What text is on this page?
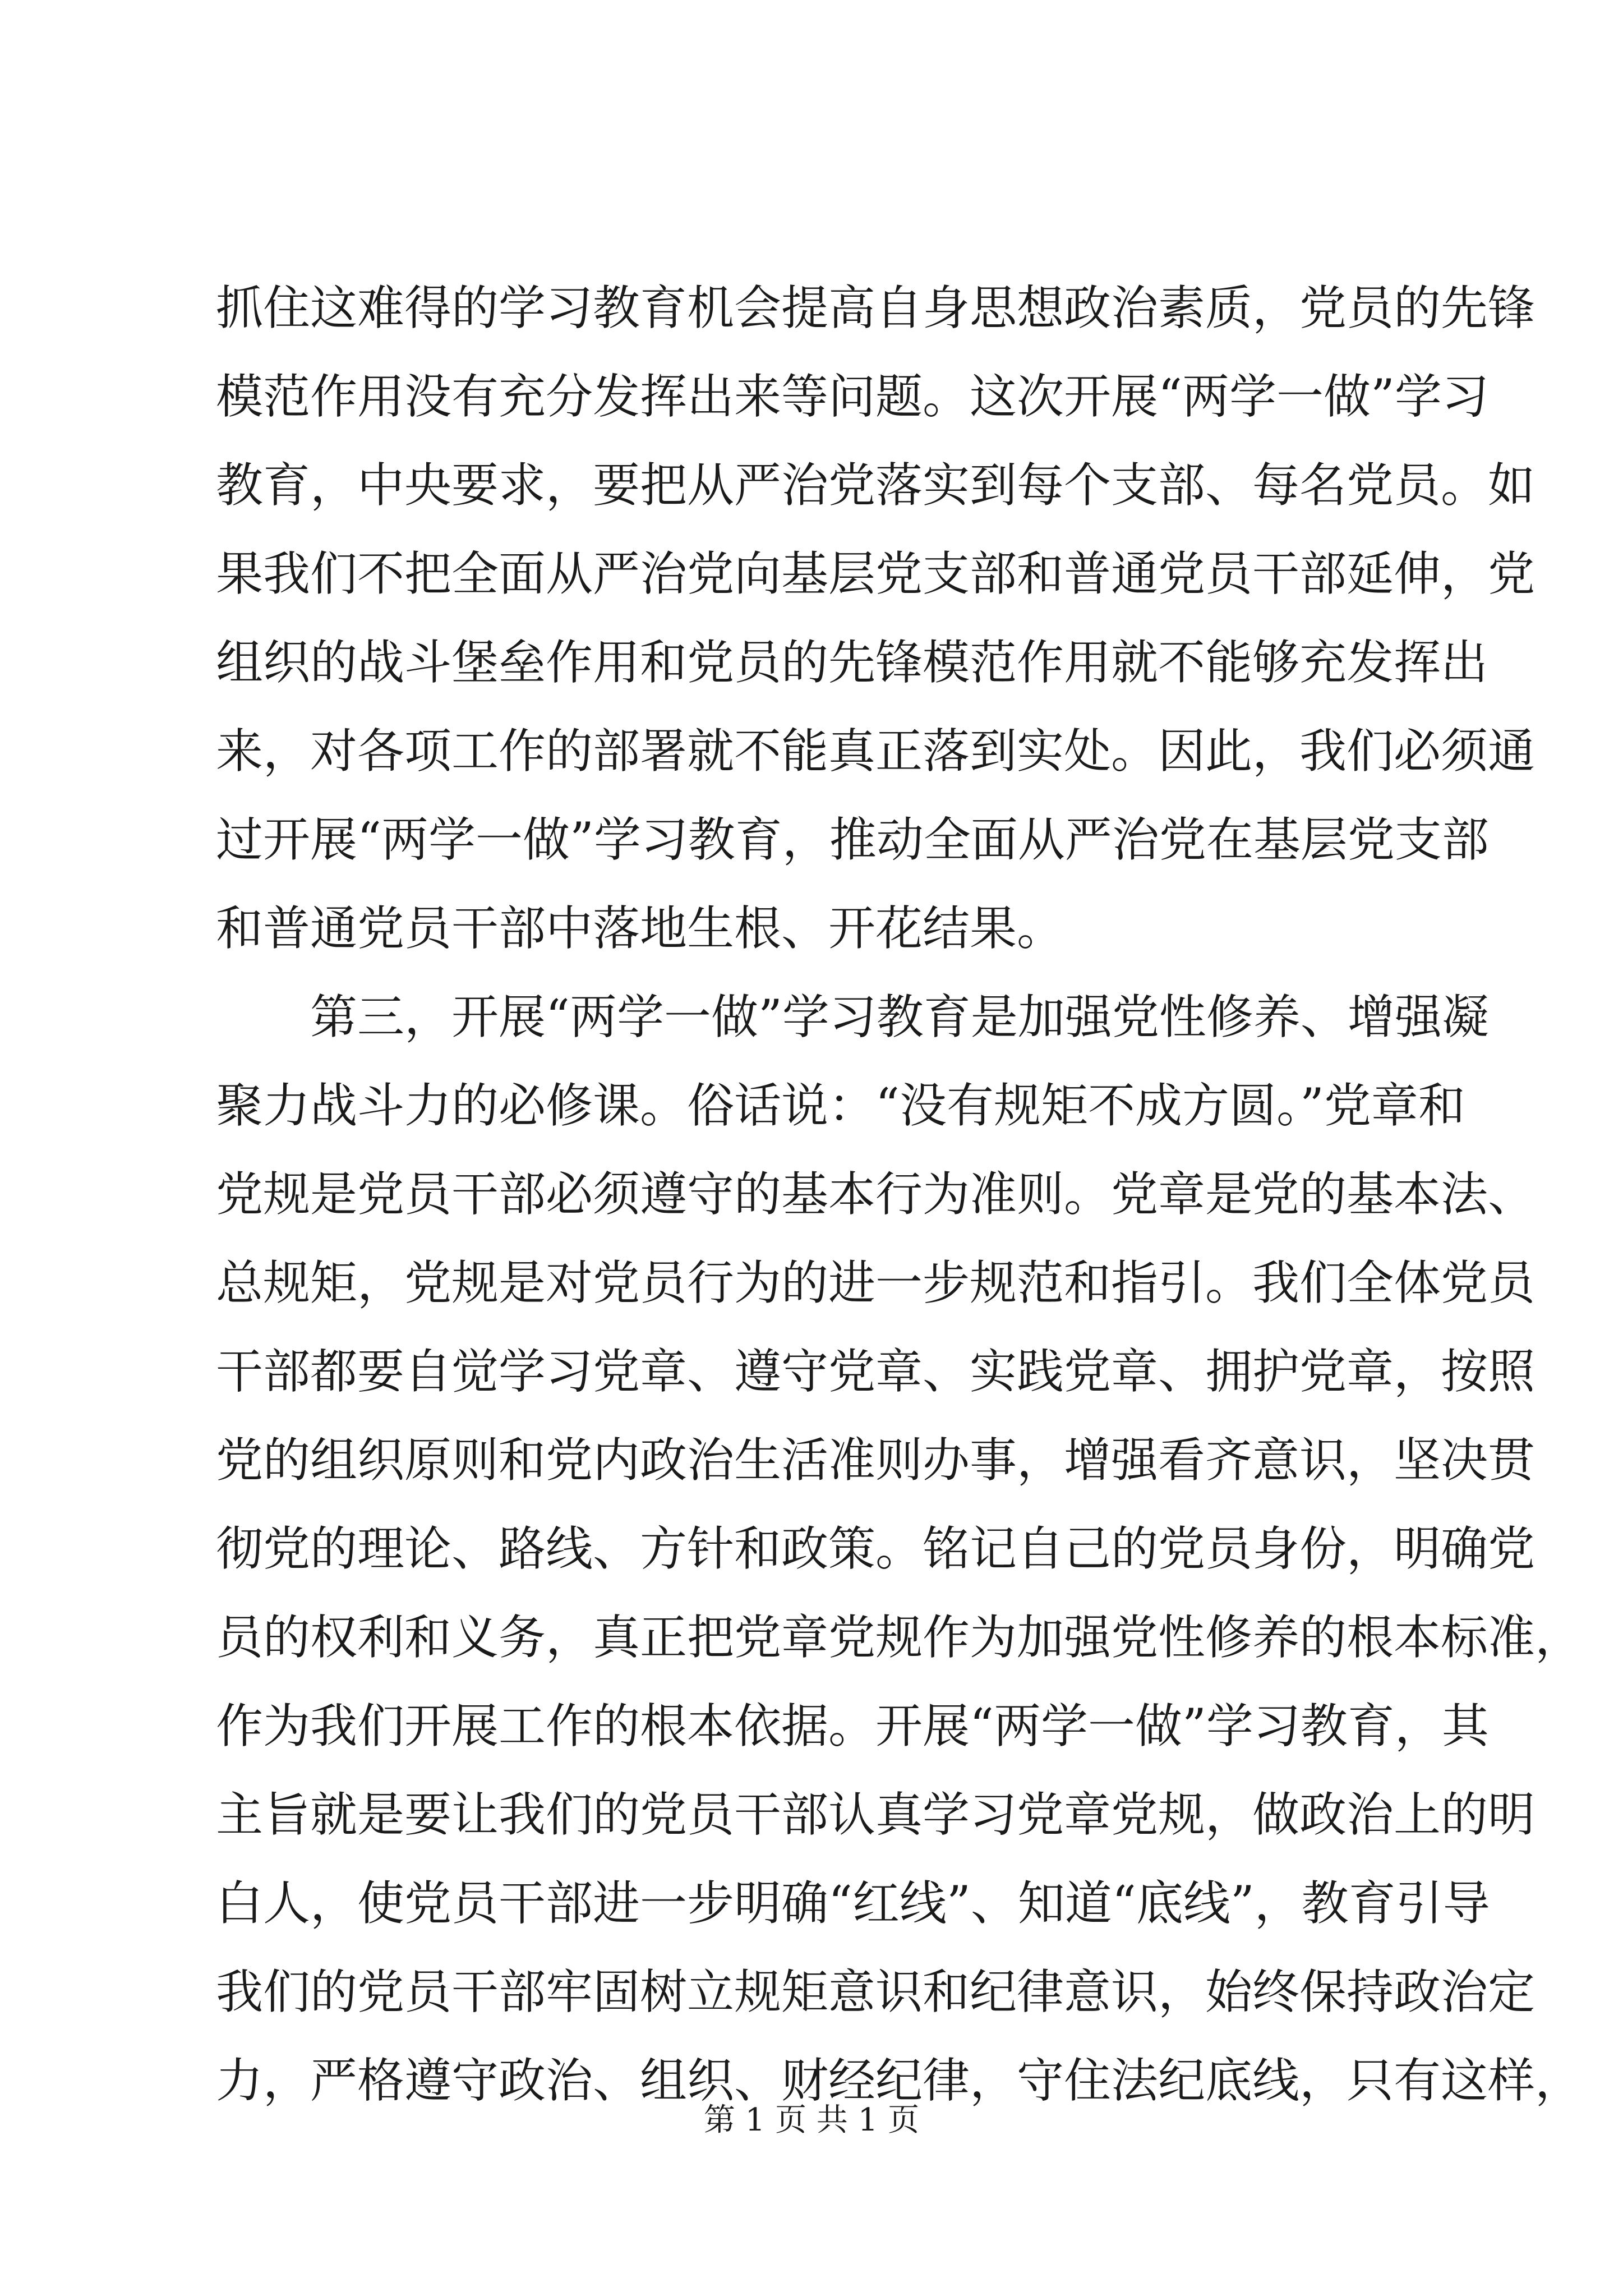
抓住这难得的学习教育机会提高自身思想政治素质，党员的先锋
模范作用没有充分发挥出来等问题。这次开展“两学一做”学习
教育，中央要求，要把从严治党落实到每个支部、每名党员。如
果我们不把全面从严治党向基层党支部和普通党员干部延伸，党
组织的战斗堡垒作用和党员的先锋模范作用就不能够充发挥出
来，对各项工作的部署就不能真正落到实处。因此，我们必须通
过开展“两学一做”学习教育，推动全面从严治党在基层党支部
和普通党员干部中落地生根、开花结果。
　　第三，开展“两学一做”学习教育是加强党性修养、增强凝
聚力战斗力的必修课。俗话说：“没有规矩不成方圆。”党章和
党规是党员干部必须遵守的基本行为准则。党章是党的基本法、
总规矩，党规是对党员行为的进一步规范和指引。我们全体党员
干部都要自觉学习党章、遵守党章、实践党章、拥护党章，按照
党的组织原则和党内政治生活准则办事，增强看齐意识，坚决贯
彻党的理论、路线、方针和政策。铭记自己的党员身份，明确党
员的权利和义务，真正把党章党规作为加强党性修养的根本标准，
作为我们开展工作的根本依据。开展“两学一做”学习教育，其
主旨就是要让我们的党员干部认真学习党章党规，做政治上的明
白人，使党员干部进一步明确“红线”、知道“底线”，教育引导
我们的党员干部牢固树立规矩意识和纪律意识，始终保持政治定
力，严格遵守政治、组织、财经纪律，守住法纪底线，只有这样，
第 1 页 共 1 页
